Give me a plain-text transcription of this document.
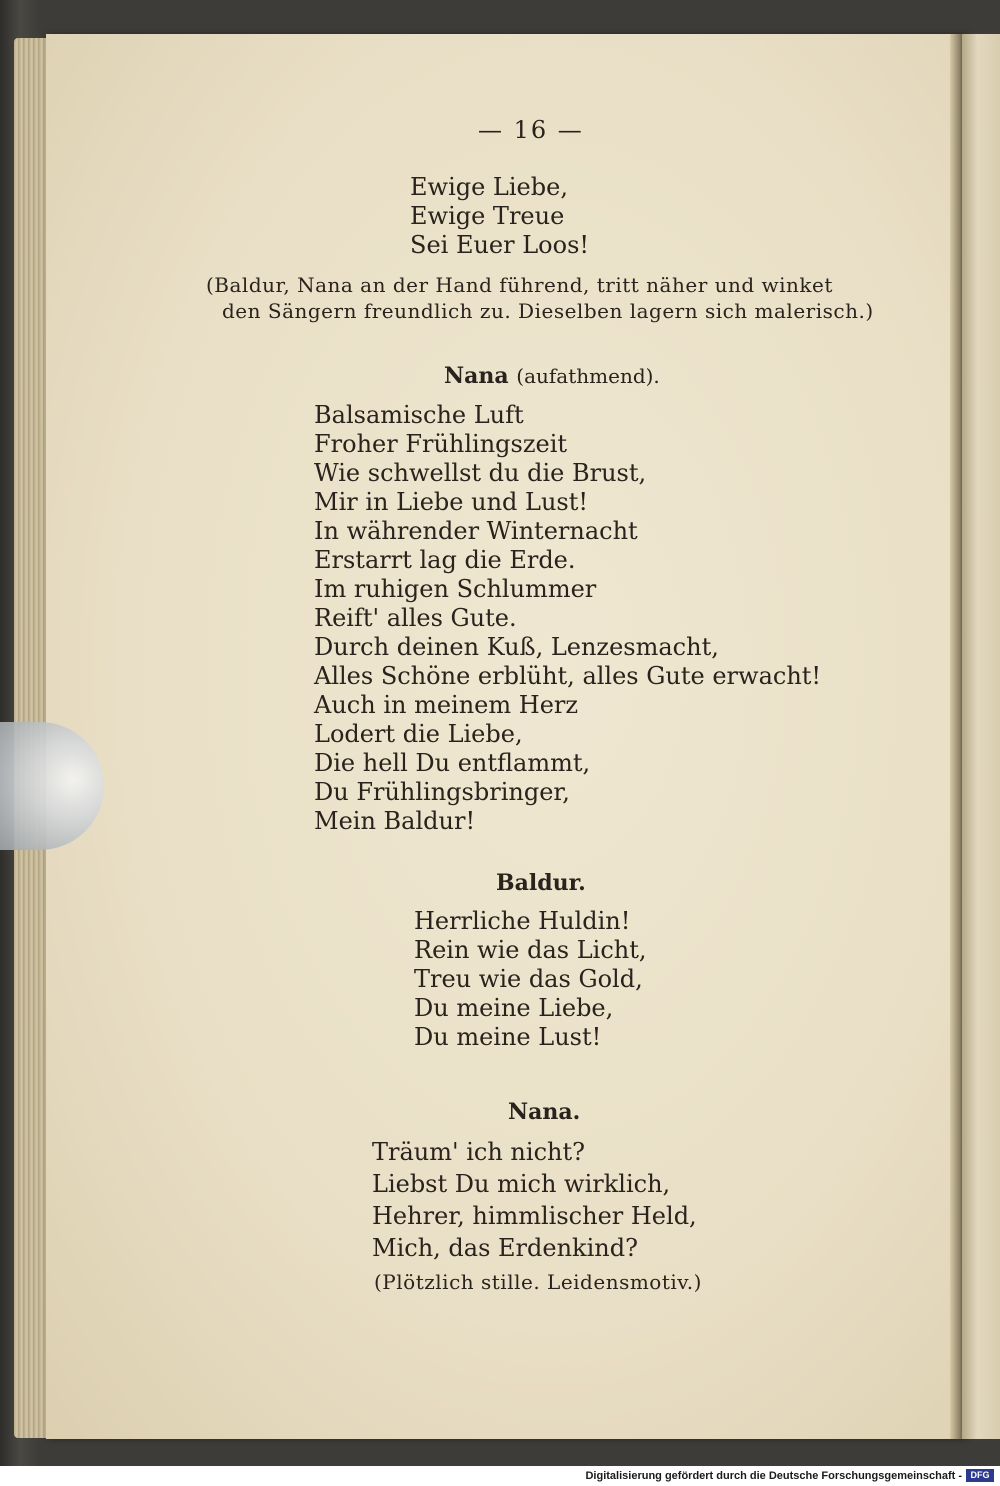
— 16 —
Ewige Liebe,
Ewige Treue
Sei Euer Loos!
(Baldur, Nana an der Hand führend, tritt näher und winket
den Sängern freundlich zu. Dieselben lagern sich malerisch.)
Nana (aufathmend).
Balsamische Luft
Froher Frühlingszeit
Wie schwellst du die Brust,
Mir in Liebe und Lust!
In währender Winternacht
Erstarrt lag die Erde.
Im ruhigen Schlummer
Reift' alles Gute.
Durch deinen Kuß, Lenzesmacht,
Alles Schöne erblüht, alles Gute erwacht!
Auch in meinem Herz
Lodert die Liebe,
Die hell Du entflammt,
Du Frühlingsbringer,
Mein Baldur!
Baldur.
Herrliche Huldin!
Rein wie das Licht,
Treu wie das Gold,
Du meine Liebe,
Du meine Lust!
Nana.
Träum' ich nicht?
Liebst Du mich wirklich,
Hehrer, himmlischer Held,
Mich, das Erdenkind?
(Plötzlich stille. Leidensmotiv.)
Digitalisierung gefördert durch die Deutsche Forschungsgemeinschaft - DFG
